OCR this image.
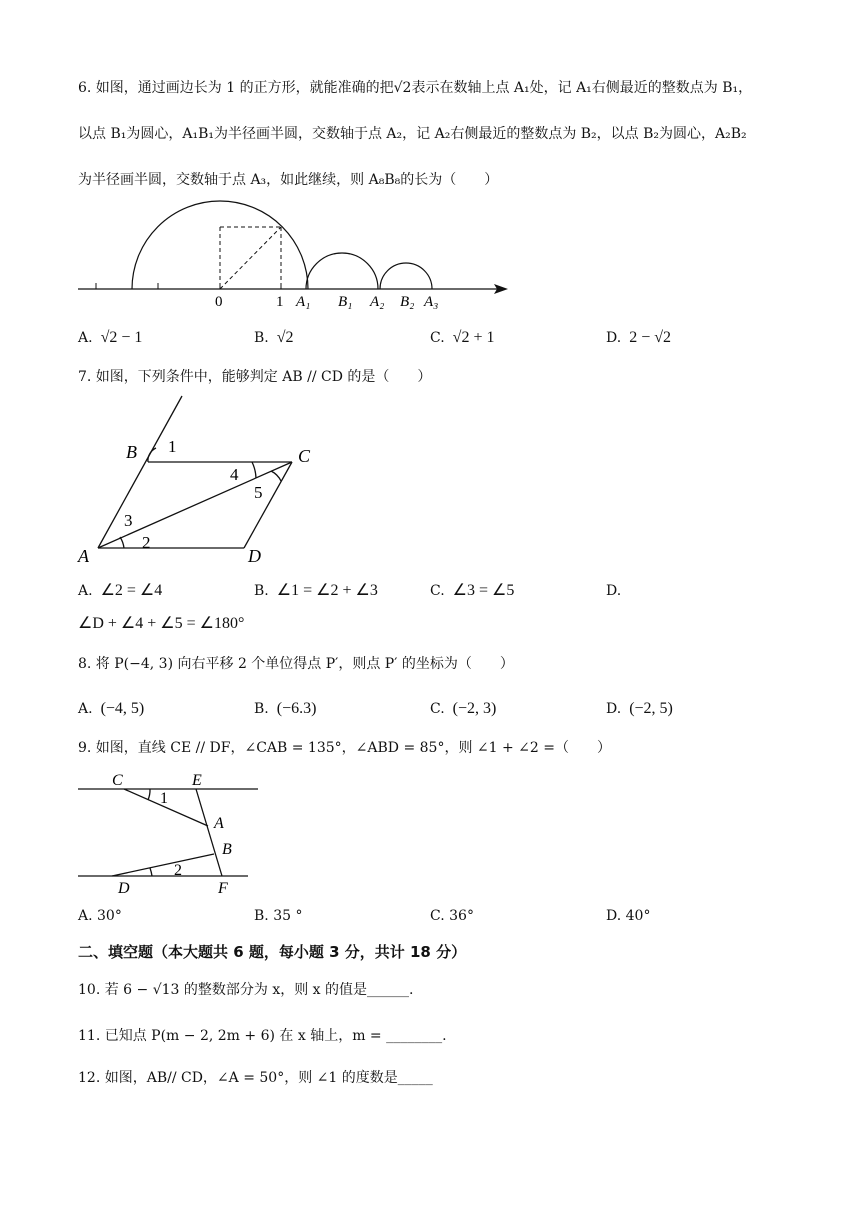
6. 如图，通过画边长为 1 的正方形，就能准确的把√2表示在数轴上点 A₁处，记 A₁右侧最近的整数点为 B₁，
以点 B₁为圆心，A₁B₁为半径画半圆，交数轴于点 A₂，记 A₂右侧最近的整数点为 B₂，以点 B₂为圆心，A₂B₂
为半径画半圆，交数轴于点 A₃，如此继续，则 A₈B₈的长为（　　）
0	1 A₁ B₁ A₂ B₂ A₃
A. √2 − 1	B. √2	C. √2 + 1	D. 2 − √2
7. 如图，下列条件中，能够判定 AB // CD 的是（　　）
B	C
A	D
1
2
3
4
5
A. ∠2 = ∠4	B. ∠1 = ∠2 + ∠3	C. ∠3 = ∠5	D.
∠D + ∠4 + ∠5 = ∠180°
8. 将 P(−4, 3) 向右平移 2 个单位得点 P′，则点 P′ 的坐标为（　　）
A. (−4, 5)	B. (−6.3)	C. (−2, 3)	D. (−2, 5)
9. 如图，直线 CE // DF，∠CAB = 135°，∠ABD = 85°，则 ∠1 + ∠2 =（　　）
C	E
A
B
D	F
1
2
A. 30°	B. 35 °	C. 36°	D. 40°
二、填空题（本大题共 6 题，每小题 3 分，共计 18 分）
10. 若 6 − √13 的整数部分为 x，则 x 的值是______.
11. 已知点 P(m − 2, 2m + 6) 在 x 轴上，m = ________.
12. 如图，AB// CD，∠A = 50°，则 ∠1 的度数是_____
